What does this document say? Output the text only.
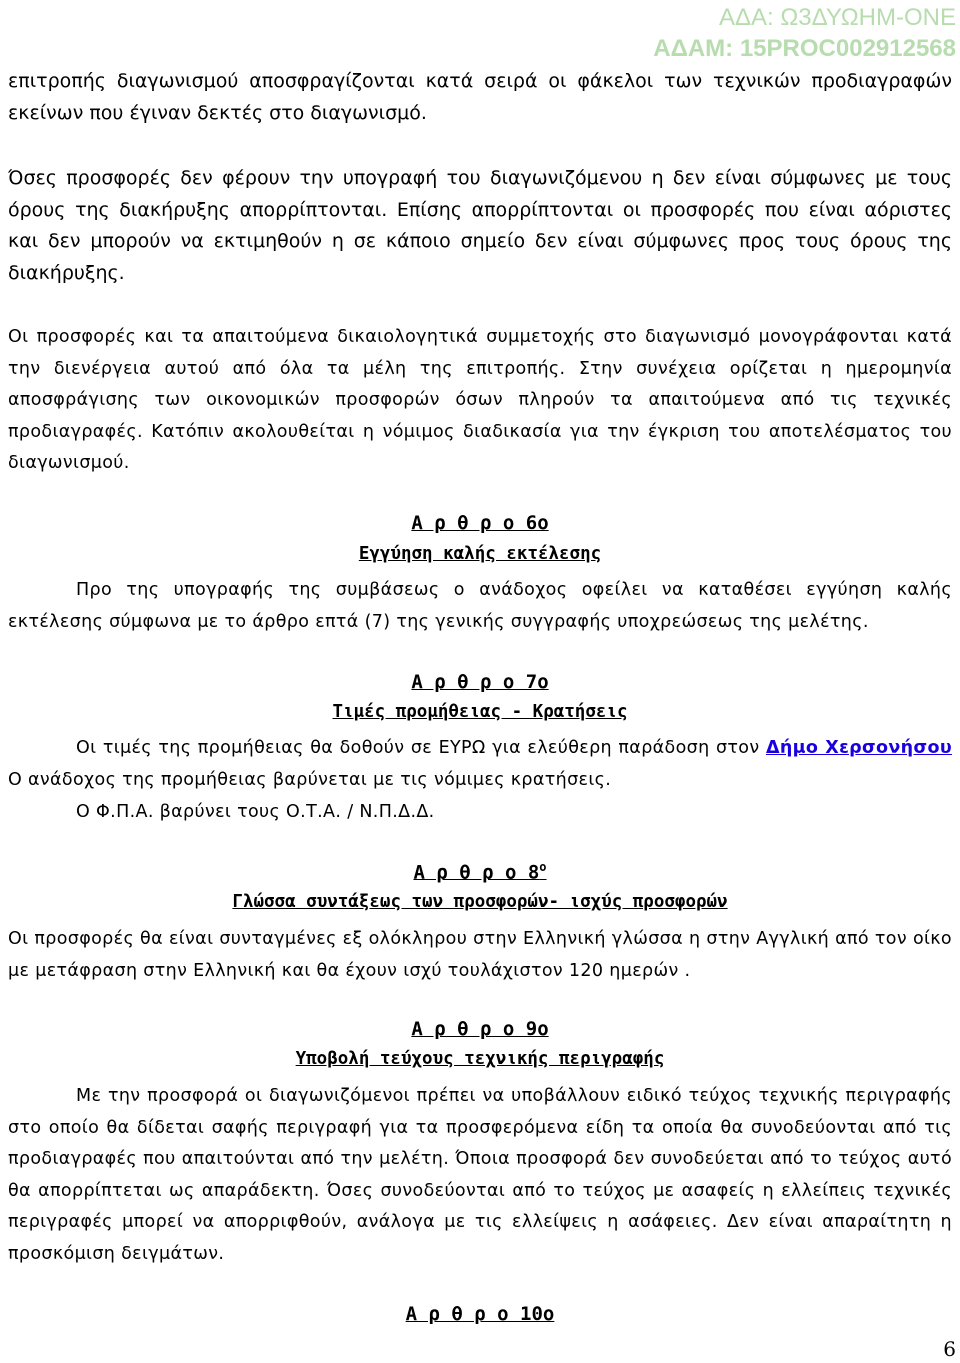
ΑΔΑ: Ω3ΔΥΩΗΜ-ΟΝΕ
ΑΔΑΜ: 15PROC002912568

επιτροπής διαγωνισμού αποσφραγίζονται κατά σειρά οι φάκελοι των τεχνικών προδιαγραφών εκείνων που έγιναν δεκτές στο διαγωνισμό.

Όσες προσφορές δεν φέρουν την υπογραφή του διαγωνιζόμενου η δεν είναι σύμφωνες με τους όρους της διακήρυξης απορρίπτονται. Επίσης απορρίπτονται οι προσφορές που είναι αόριστες και δεν μπορούν να εκτιμηθούν η σε κάποιο σημείο δεν είναι σύμφωνες προς τους όρους της διακήρυξης.

Οι προσφορές και τα απαιτούμενα δικαιολογητικά συμμετοχής στο διαγωνισμό μονογράφονται κατά την διενέργεια αυτού από όλα τα μέλη της επιτροπής. Στην συνέχεια ορίζεται η ημερομηνία αποσφράγισης των οικονομικών προσφορών όσων πληρούν τα απαιτούμενα από τις τεχνικές προδιαγραφές. Κατόπιν ακολουθείται η νόμιμος διαδικασία για την έγκριση του αποτελέσματος του διαγωνισμού.

Α ρ θ ρ ο 6ο

Εγγύηση καλής εκτέλεσης

Προ της υπογραφής της συμβάσεως ο ανάδοχος οφείλει να καταθέσει εγγύηση καλής εκτέλεσης σύμφωνα με το άρθρο επτά (7) της γενικής συγγραφής υποχρεώσεως της μελέτης.

Α ρ θ ρ ο 7ο

Τιμές προμήθειας - Κρατήσεις

Οι τιμές της προμήθειας θα δοθούν σε ΕΥΡΩ για ελεύθερη παράδοση στον Δήμο Χερσονήσου Ο ανάδοχος της προμήθειας βαρύνεται με τις νόμιμες κρατήσεις.

Ο Φ.Π.Α. βαρύνει τους Ο.Τ.Α. / Ν.Π.Δ.Δ.

Α ρ θ ρ ο $8^o$

Γλώσσα συντάξεως των προσφορών- ισχύς προσφορών

Οι προσφορές θα είναι συνταγμένες εξ ολόκληρου στην Ελληνική γλώσσα η στην Αγγλική από τον οίκο με μετάφραση στην Ελληνική και θα έχουν ισχύ τουλάχιστον 120 ημερών .

Α ρ θ ρ ο 9ο

Υποβολή τεύχους τεχνικής περιγραφής

Με την προσφορά οι διαγωνιζόμενοι πρέπει να υποβάλλουν ειδικό τεύχος τεχνικής περιγραφής στο οποίο θα δίδεται σαφής περιγραφή για τα προσφερόμενα είδη τα οποία θα συνοδεύονται από τις προδιαγραφές που απαιτούνται από την μελέτη. Όποια προσφορά δεν συνοδεύεται από το τεύχος αυτό θα απορρίπτεται ως απαράδεκτη. Όσες συνοδεύονται από το τεύχος με ασαφείς η ελλείπεις τεχνικές περιγραφές μπορεί να απορριφθούν, ανάλογα με τις ελλείψεις η ασάφειες. Δεν είναι απαραίτητη η προσκόμιση δειγμάτων.

Α ρ θ ρ ο 10ο

6
